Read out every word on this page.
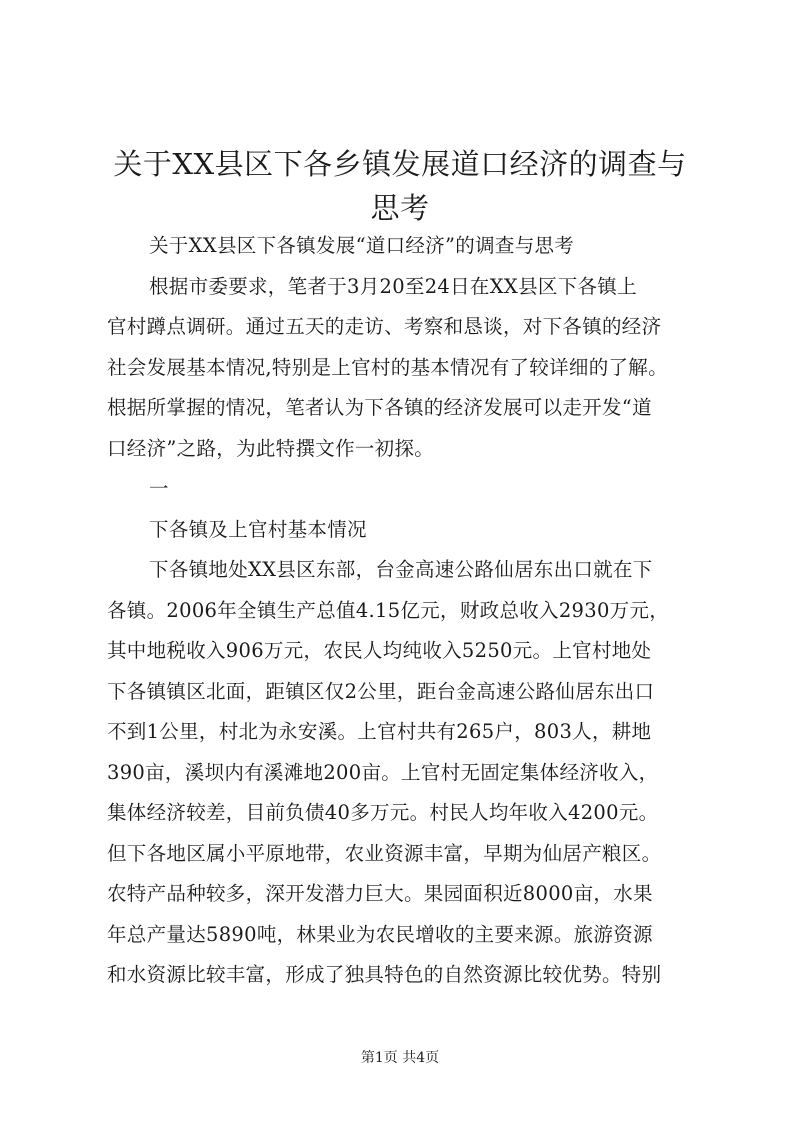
关于XX县区下各乡镇发展道口经济的调查与
思考
关于XX县区下各镇发展“道口经济”的调查与思考
根据市委要求，笔者于3月20至24日在XX县区下各镇上
官村蹲点调研。通过五天的走访、考察和恳谈，对下各镇的经济
社会发展基本情况,特别是上官村的基本情况有了较详细的了解。
根据所掌握的情况，笔者认为下各镇的经济发展可以走开发“道
口经济”之路，为此特撰文作一初探。
一
下各镇及上官村基本情况
下各镇地处XX县区东部，台金高速公路仙居东出口就在下
各镇。2006年全镇生产总值4.15亿元，财政总收入2930万元，
其中地税收入906万元，农民人均纯收入5250元。上官村地处
下各镇镇区北面，距镇区仅2公里，距台金高速公路仙居东出口
不到1公里，村北为永安溪。上官村共有265户，803人，耕地
390亩，溪坝内有溪滩地200亩。上官村无固定集体经济收入，
集体经济较差，目前负债40多万元。村民人均年收入4200元。
但下各地区属小平原地带，农业资源丰富，早期为仙居产粮区。
农特产品种较多，深开发潜力巨大。果园面积近8000亩，水果
年总产量达5890吨，林果业为农民增收的主要来源。旅游资源
和水资源比较丰富，形成了独具特色的自然资源比较优势。特别
第1页 共4页
